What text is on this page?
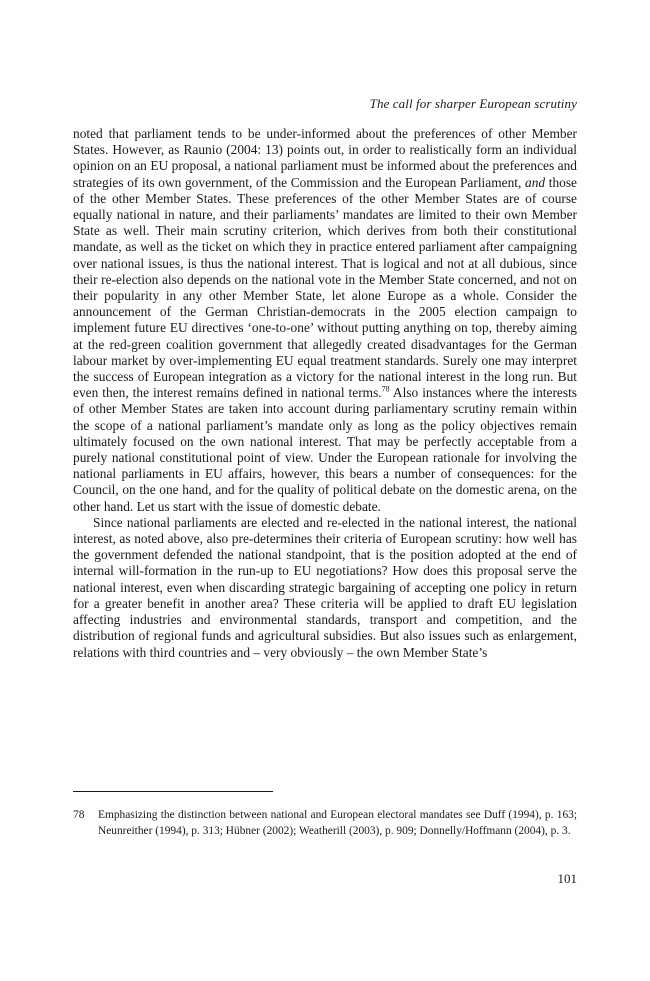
The call for sharper European scrutiny

noted that parliament tends to be under-informed about the preferences of other Member States. However, as Raunio (2004: 13) points out, in order to realistically form an individual opinion on an EU proposal, a national parliament must be informed about the preferences and strategies of its own government, of the Commission and the European Parliament, and those of the other Member States. These preferences of the other Member States are of course equally national in nature, and their parliaments’ mandates are limited to their own Member State as well. Their main scrutiny criterion, which derives from both their constitutional mandate, as well as the ticket on which they in practice entered parliament after campaigning over national issues, is thus the national interest. That is logical and not at all dubious, since their re-election also depends on the national vote in the Member State concerned, and not on their popularity in any other Member State, let alone Europe as a whole. Consider the announcement of the German Christian-democrats in the 2005 election campaign to implement future EU directives ‘one-to-one’ without putting anything on top, thereby aiming at the red-green coalition government that allegedly created disadvantages for the German labour market by over-implementing EU equal treatment standards. Surely one may interpret the success of European integration as a victory for the national interest in the long run. But even then, the interest remains defined in national terms.$^{78}$ Also instances where the interests of other Member States are taken into account during parliamentary scrutiny remain within the scope of a national parliament’s mandate only as long as the policy objectives remain ultimately focused on the own national interest. That may be perfectly acceptable from a purely national constitutional point of view. Under the European rationale for involving the national parliaments in EU affairs, however, this bears a number of consequences: for the Council, on the one hand, and for the quality of political debate on the domestic arena, on the other hand. Let us start with the issue of domestic debate.

Since national parliaments are elected and re-elected in the national interest, the national interest, as noted above, also pre-determines their criteria of European scrutiny: how well has the government defended the national standpoint, that is the position adopted at the end of internal will-formation in the run-up to EU negotiations? How does this proposal serve the national interest, even when discarding strategic bargaining of accepting one policy in return for a greater benefit in another area? These criteria will be applied to draft EU legislation affecting industries and environmental standards, transport and competition, and the distribution of regional funds and agricultural subsidies. But also issues such as enlargement, relations with third countries and – very obviously – the own Member State’s

78	Emphasizing the distinction between national and European electoral mandates see Duff (1994), p. 163; Neunreither (1994), p. 313; Hübner (2002); Weatherill (2003), p. 909; Donnelly/Hoffmann (2004), p. 3.
101
